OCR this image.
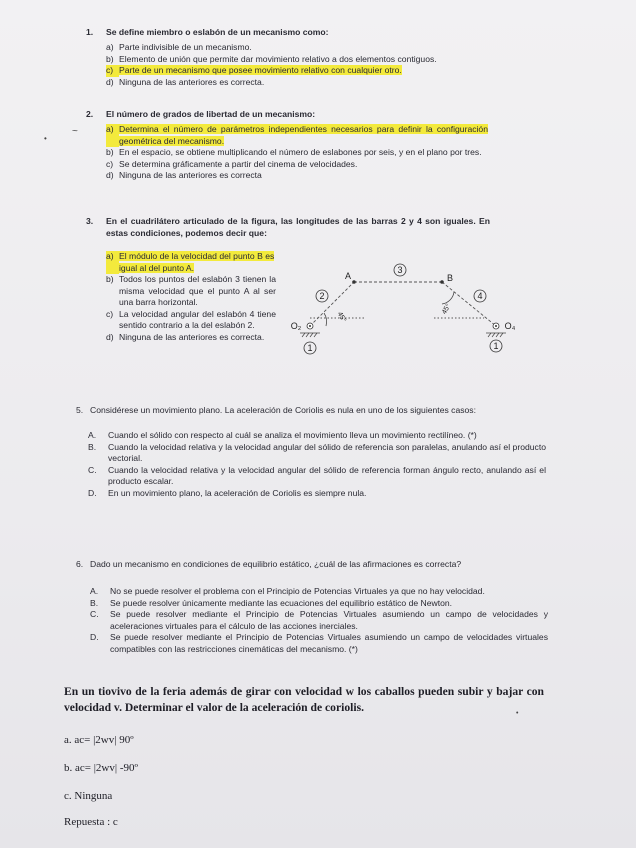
1. Se define miembro o eslabón de un mecanismo como:
a) Parte indivisible de un mecanismo.
b) Elemento de unión que permite dar movimiento relativo a dos elementos contiguos.
c) Parte de un mecanismo que posee movimiento relativo con cualquier otro.
d) Ninguna de las anteriores es correcta.
2. El número de grados de libertad de un mecanismo:
a) Determina el número de parámetros independientes necesarios para definir la configuración geométrica del mecanismo.
b) En el espacio, se obtiene multiplicando el número de eslabones por seis, y en el plano por tres.
c) Se determina gráficamente a partir del cinema de velocidades.
d) Ninguna de las anteriores es correcta
3.	En el cuadrilátero articulado de la figura, las longitudes de las barras 2 y 4 son iguales. En estas condiciones, podemos decir que:
a) El módulo de la velocidad del punto B es igual al del punto A.
b) Todos los puntos del eslabón 3 tienen la misma velocidad que el punto A al ser una barra horizontal.
c) La velocidad angular del eslabón 4 tiene sentido contrario a la del eslabón 2.
d) Ninguna de las anteriores es correcta.
3
2	4
1	1
A	B
O₂	O₄
45°
45°
5. Considérese un movimiento plano. La aceleración de Coriolis es nula en uno de los siguientes casos:
A.	Cuando el sólido con respecto al cuál se analiza el movimiento lleva un movimiento rectilíneo. (*)
B.	Cuando la velocidad relativa y la velocidad angular del sólido de referencia son paralelas, anulando así el producto vectorial.
C.	Cuando la velocidad relativa y la velocidad angular del sólido de referencia forman ángulo recto, anulando así el producto escalar.
D.	En un movimiento plano, la aceleración de Coriolis es siempre nula.
6. Dado un mecanismo en condiciones de equilibrio estático, ¿cuál de las afirmaciones es correcta?
A.	No se puede resolver el problema con el Principio de Potencias Virtuales ya que no hay velocidad.
B.	Se puede resolver únicamente mediante las ecuaciones del equilibrio estático de Newton.
C.	Se puede resolver mediante el Principio de Potencias Virtuales asumiendo un campo de velocidades y aceleraciones virtuales para el cálculo de las acciones inerciales.
D.	Se puede resolver mediante el Principio de Potencias Virtuales asumiendo un campo de velocidades virtuales compatibles con las restricciones cinemáticas del mecanismo. (*)
En un tiovivo de la feria además de girar con velocidad w los caballos pueden subir y bajar con velocidad v. Determinar el valor de la aceleración de coriolis.
a. ac= |2wv| 90º
b. ac= |2wv| -90º
c. Ninguna
Repuesta : c
~
•
•
